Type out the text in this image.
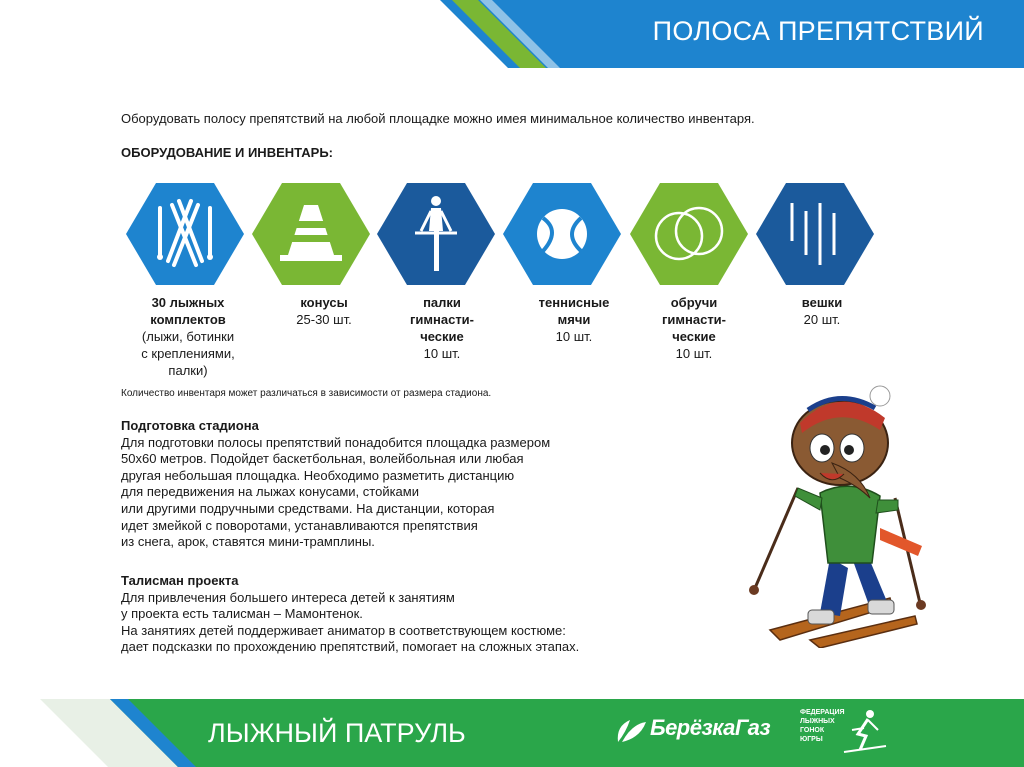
ПОЛОСА ПРЕПЯТСТВИЙ
Оборудовать полосу препятствий на любой площадке можно имея минимальное количество инвентаря.
ОБОРУДОВАНИЕ И ИНВЕНТАРЬ:
30 лыжных
комплектов
(лыжи, ботинки
с креплениями,
палки)
конусы
25-30 шт.
палки
гимнасти-
ческие
10 шт.
теннисные
мячи
10 шт.
обручи
гимнасти-
ческие
10 шт.
вешки
20 шт.
Количество инвентаря может различаться в зависимости от размера стадиона.
Подготовка стадиона
Для подготовки полосы препятствий понадобится площадка размером
50х60 метров. Подойдет баскетбольная, волейбольная или любая
другая небольшая площадка. Необходимо разметить дистанцию
для передвижения на лыжах конусами, стойками
или другими подручными средствами. На дистанции, которая
идет змейкой с поворотами, устанавливаются препятствия
из снега, арок, ставятся мини-трамплины.
Талисман проекта
Для привлечения большего интереса детей к занятиям
у проекта есть талисман – Мамонтенок.
На занятиях детей поддерживает аниматор в соответствующем костюме:
дает подсказки по прохождению препятствий, помогает на сложных этапах.
ЛЫЖНЫЙ ПАТРУЛЬ	БерёзкаГаз
ФЕДЕРАЦИЯ
ЛЫЖНЫХ
ГОНОК
ЮГРЫ
